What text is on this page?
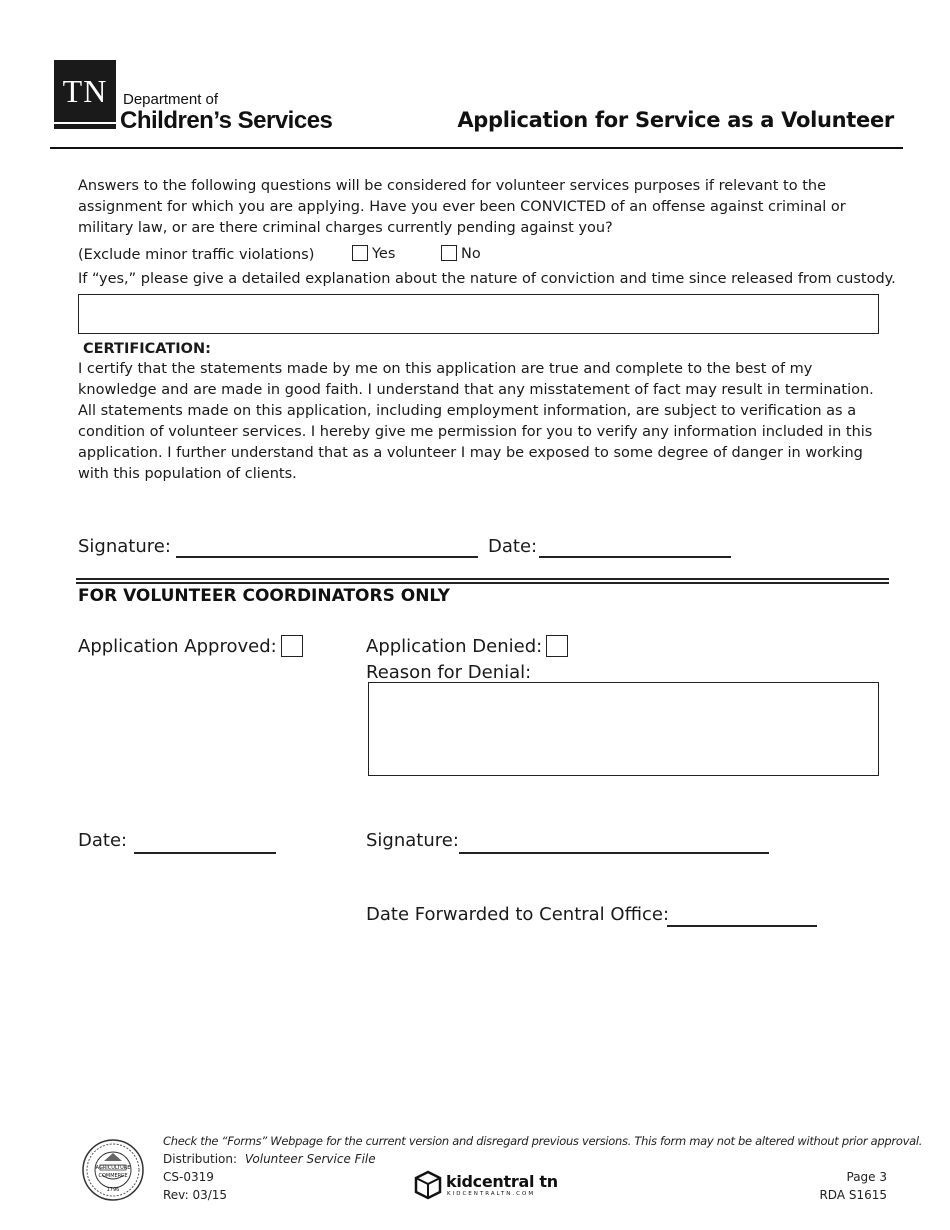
TN	Department of
Children’s Services	Application for Service as a Volunteer
Answers to the following questions will be considered for volunteer services purposes if relevant to the assignment for which you are applying. Have you ever been CONVICTED of an offense against criminal or military law, or are there criminal charges currently pending against you?
(Exclude minor traffic violations)	Yes	No
If “yes,” please give a detailed explanation about the nature of conviction and time since released from custody.
CERTIFICATION:
I certify that the statements made by me on this application are true and complete to the best of my knowledge and are made in good faith. I understand that any misstatement of fact may result in termination. All statements made on this application, including employment information, are subject to verification as a condition of volunteer services. I hereby give me permission for you to verify any information included in this application. I further understand that as a volunteer I may be exposed to some degree of danger in working with this population of clients.
Signature:	Date:
FOR VOLUNTEER COORDINATORS ONLY
Application Approved:	Application Denied:
Reason for Denial:
Date:	Signature:
Date Forwarded to Central Office:
AGRICULTURE
COMMERCE
1796
Check the “Forms” Webpage for the current version and disregard previous versions. This form may not be altered without prior approval.
Distribution: Volunteer Service File
CS-0319
Rev: 03/15
kidcentral tn
KIDCENTRALTN.COM
Page 3
RDA S1615
